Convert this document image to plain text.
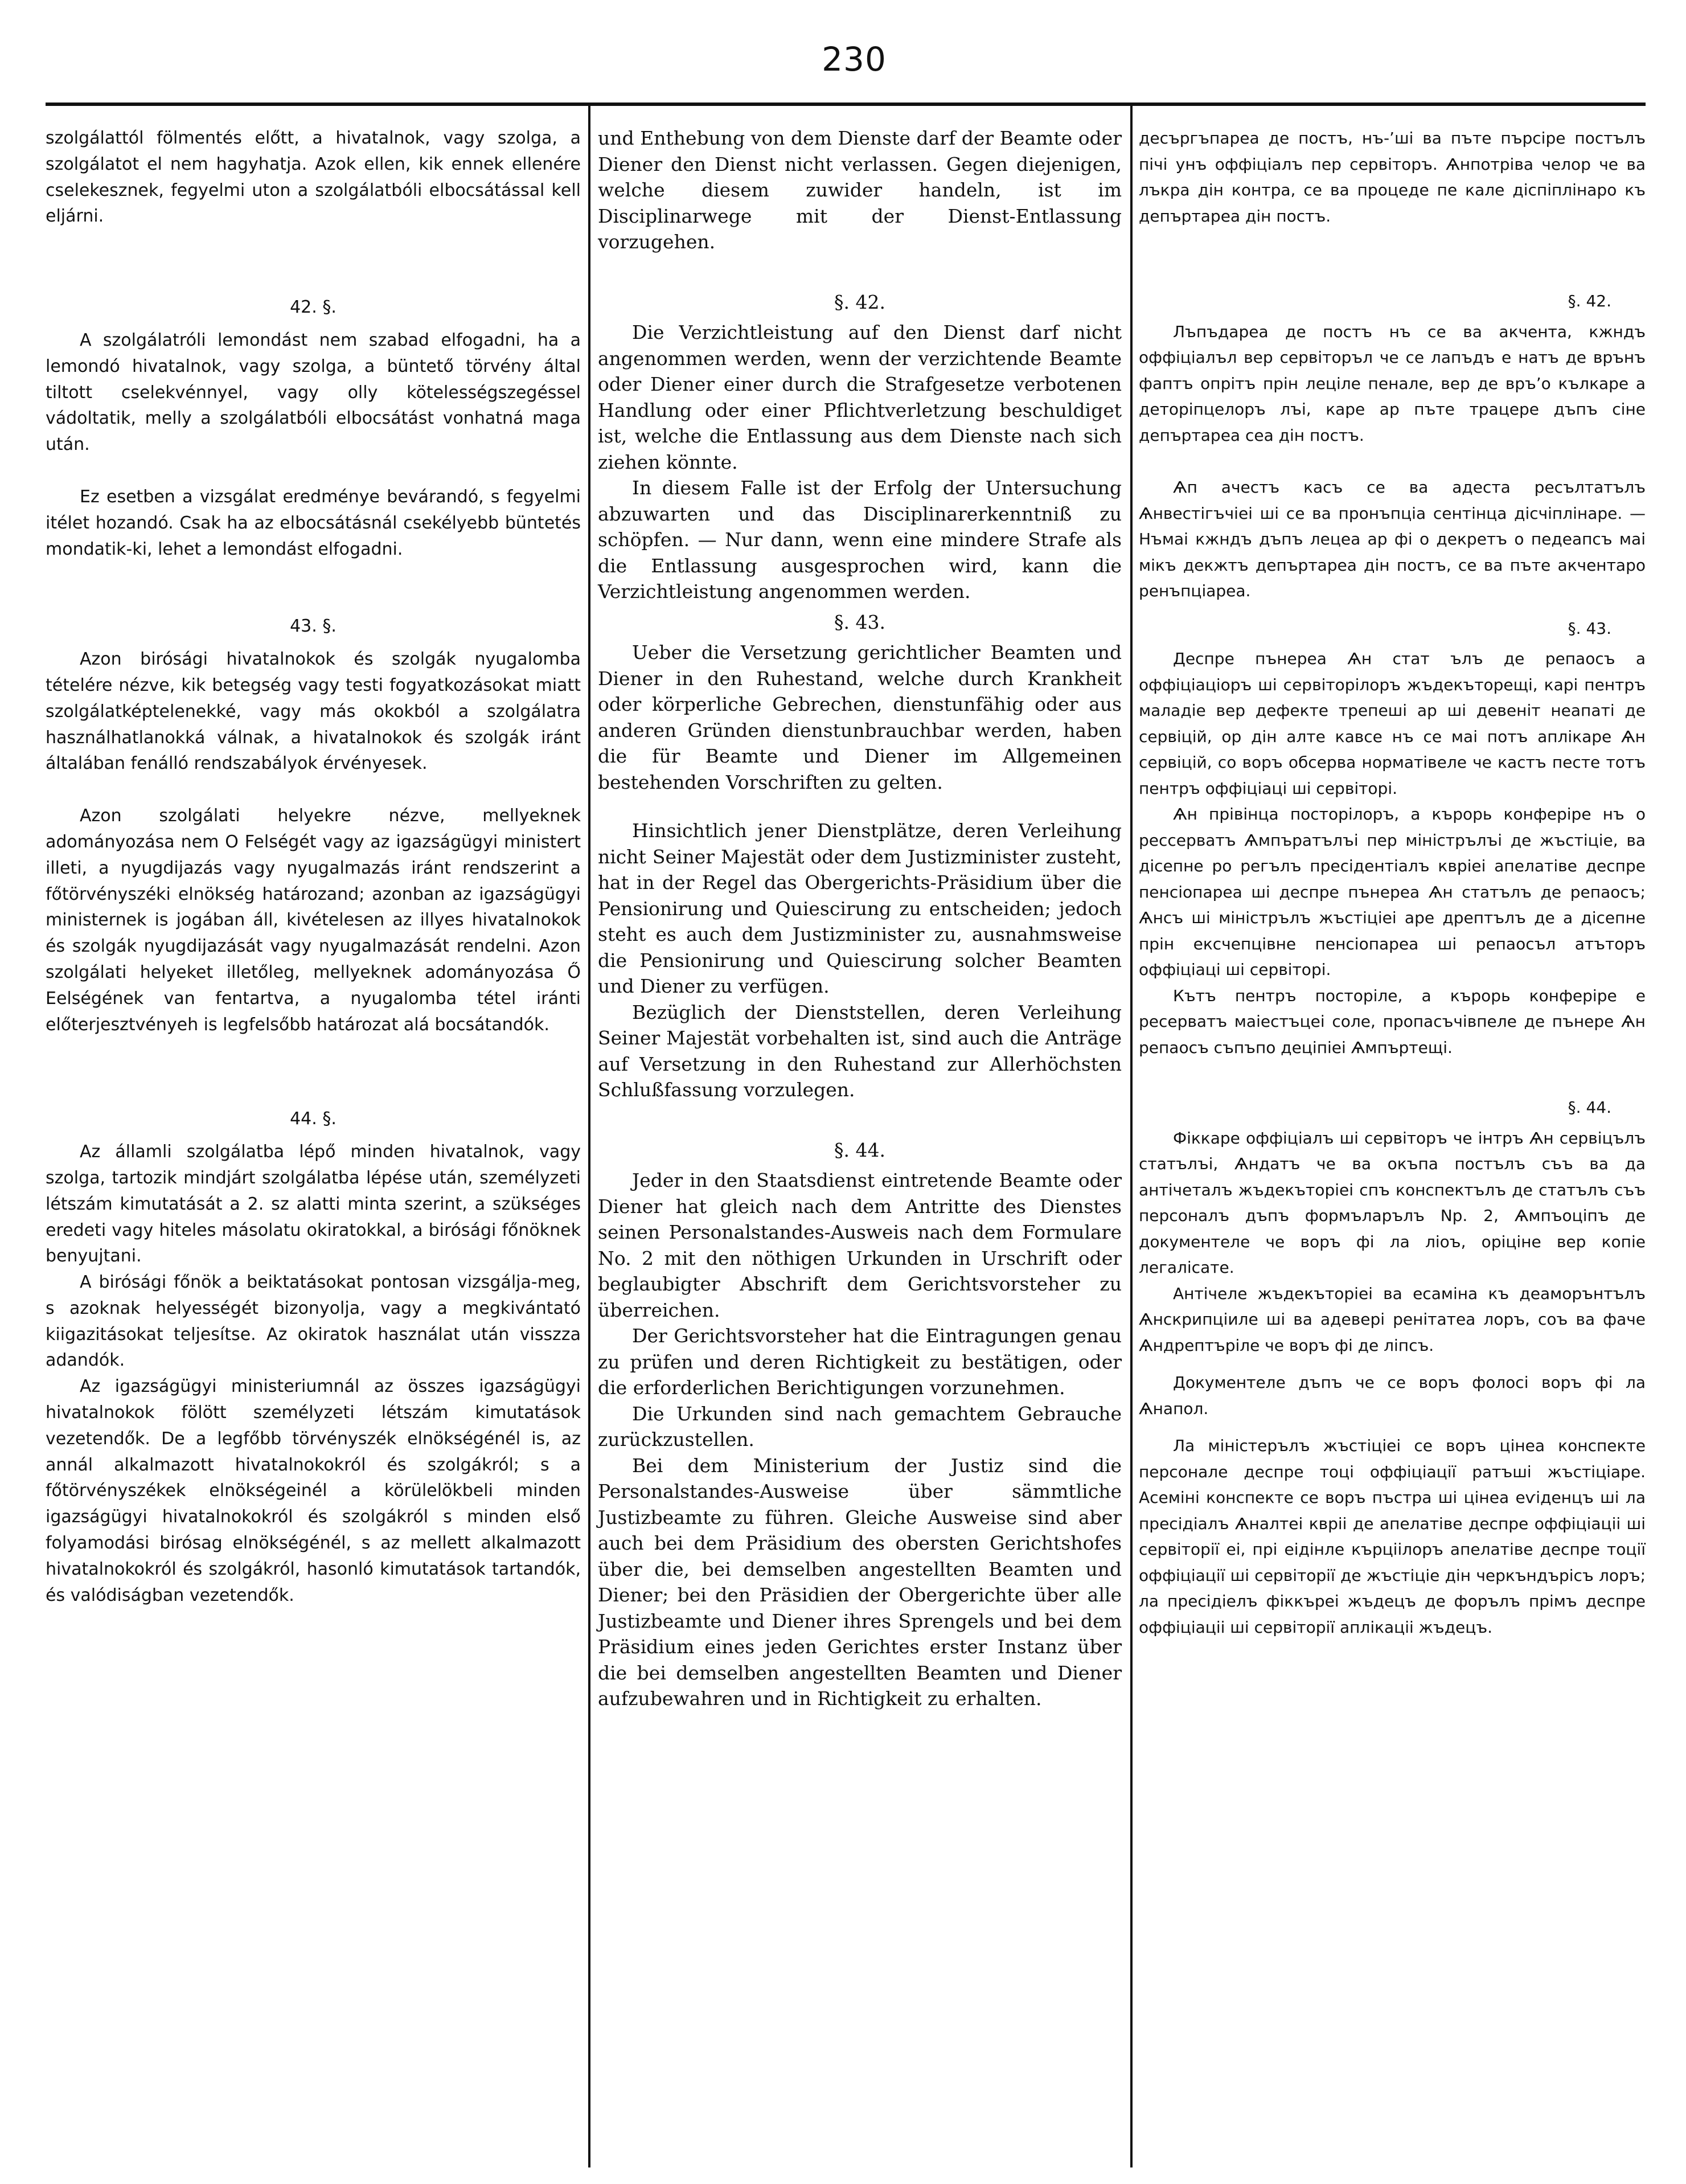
230

szolgálattól fölmentés előtt, a hivatalnok, vagy szolga, a szolgálatot el nem hagyhatja. Azok ellen, kik ennek ellenére cselekesznek, fegyelmi uton a szolgálatbóli elbocsátással kell eljárni.

42. §.

A szolgálatróli lemondást nem szabad elfogadni, ha a lemondó hivatalnok, vagy szolga, a büntető törvény által tiltott cselekvénnyel, vagy olly kötelességszegéssel vádoltatik, melly a szolgálatbóli elbocsátást vonhatná maga után.

Ez esetben a vizsgálat eredménye bevárandó, s fegyelmi itélet hozandó. Csak ha az elbocsátásnál csekélyebb büntetés mondatik-ki, lehet a lemondást elfogadni.

43. §.

Azon birósági hivatalnokok és szolgák nyugalomba tételére nézve, kik betegség vagy testi fogyatkozásokat miatt szolgálatképtelenekké, vagy más okokból a szolgálatra használhatlanokká válnak, a hivatalnokok és szolgák iránt általában fenálló rendszabályok érvényesek.

Azon szolgálati helyekre nézve, mellyeknek adományozása nem O Felségét vagy az igazságügyi ministert illeti, a nyugdijazás vagy nyugalmazás iránt rendszerint a főtörvényszéki elnökség határozand; azonban az igazságügyi ministernek is jogában áll, kivételesen az illyes hivatalnokok és szolgák nyugdijazását vagy nyugalmazását rendelni. Azon szolgálati helyeket illetőleg, mellyeknek adományozása Ő Eelségének van fentartva, a nyugalomba tétel iránti előterjesztvényeh is legfelsőbb határozat alá bocsátandók.

44. §.

Az államli szolgálatba lépő minden hivatalnok, vagy szolga, tartozik mindjárt szolgálatba lépése után, személyzeti létszám kimutatását a 2. sz alatti minta szerint, a szükséges eredeti vagy hiteles másolatu okiratokkal, a birósági főnöknek benyujtani.

A birósági főnök a beiktatásokat pontosan vizsgálja-meg, s azoknak helyességét bizonyolja, vagy a megkivántató kiigazitásokat teljesítse. Az okiratok használat után visszza adandók.

Az igazságügyi ministeriumnál az összes igazságügyi hivatalnokok fölött személyzeti létszám kimutatások vezetendők. De a legfőbb törvényszék elnökségénél is, az annál alkalmazott hivatalnokokról és szolgákról; s a főtörvényszékek elnökségeinél a körülelökbeli minden igazságügyi hivatalnokokról és szolgákról s minden első folyamodási birósag elnökségénél, s az mellett alkalmazott hivatalnokokról és szolgákról, hasonló kimutatások tartandók, és valódiságban vezetendők.

und Enthebung von dem Dienste darf der Beamte oder Diener den Dienst nicht verlassen. Gegen diejenigen, welche diesem zuwider handeln, ist im Disciplinarwege mit der Dienst-Entlassung vorzugehen.

§. 42.

Die Verzichtleistung auf den Dienst darf nicht angenommen werden, wenn der verzichtende Beamte oder Diener einer durch die Strafgesetze verbotenen Handlung oder einer Pflichtverletzung beschuldiget ist, welche die Entlassung aus dem Dienste nach sich ziehen könnte.

In diesem Falle ist der Erfolg der Untersuchung abzuwarten und das Disciplinarerkenntniß zu schöpfen. — Nur dann, wenn eine mindere Strafe als die Entlassung ausgesprochen wird, kann die Verzichtleistung angenommen werden.

§. 43.

Ueber die Versetzung gerichtlicher Beamten und Diener in den Ruhestand, welche durch Krankheit oder körperliche Gebrechen, dienstunfähig oder aus anderen Gründen dienstunbrauchbar werden, haben die für Beamte und Diener im Allgemeinen bestehenden Vorschriften zu gelten.

Hinsichtlich jener Dienstplätze, deren Verleihung nicht Seiner Majestät oder dem Justizminister zusteht, hat in der Regel das Obergerichts-Präsidium über die Pensionirung und Quiescirung zu entscheiden; jedoch steht es auch dem Justizminister zu, ausnahmsweise die Pensionirung und Quiescirung solcher Beamten und Diener zu verfügen.

Bezüglich der Dienststellen, deren Verleihung Seiner Majestät vorbehalten ist, sind auch die Anträge auf Versetzung in den Ruhestand zur Allerhöchsten Schlußfassung vorzulegen.

§. 44.

Jeder in den Staatsdienst eintretende Beamte oder Diener hat gleich nach dem Antritte des Dienstes seinen Personalstandes-Ausweis nach dem Formulare No. 2 mit den nöthigen Urkunden in Urschrift oder beglaubigter Abschrift dem Gerichtsvorsteher zu überreichen.

Der Gerichtsvorsteher hat die Eintragungen genau zu prüfen und deren Richtigkeit zu bestätigen, oder die erforderlichen Berichtigungen vorzunehmen.

Die Urkunden sind nach gemachtem Gebrauche zurückzustellen.

Bei dem Ministerium der Justiz sind die Personalstandes-Ausweise über sämmtliche Justizbeamte zu führen. Gleiche Ausweise sind aber auch bei dem Präsidium des obersten Gerichtshofes über die, bei demselben angestellten Beamten und Diener; bei den Präsidien der Obergerichte über alle Justizbeamte und Diener ihres Sprengels und bei dem Präsidium eines jeden Gerichtes erster Instanz über die bei demselben angestellten Beamten und Diener aufzubewahren und in Richtigkeit zu erhalten.

десъргъпареа де постъ, нъ-’ші ва пъте пърсіре постълъ пічі унъ оффіціалъ пер сервіторъ. Ѧнпотріва челор че ва лъкра дін контра, се ва процеде пе кале діспіплінаро къ депъртареа дін постъ.

§. 42.

Лъпъдареа де постъ нъ се ва акчента, кжндъ оффіціалъл вер сервіторъл че се лапъдъ е натъ де врънъ фаптъ опрітъ прін леціле пенале, вер де връ’о кълкаре а деторіпцелоръ лъі, каре ар пъте трацере дъпъ сіне депъртареа сеа дін постъ.

Ѧп ачестъ касъ се ва адеста ресълтатълъ Ѧнвестігъчіеі ші се ва пронъпціа сентінца дісчіплінаре. — Нъмаі кжндъ дъпъ лецеа ар фі о декретъ о педеапсъ маі мікъ декжтъ депъртареа дін постъ, се ва пъте акчентаро ренъпціареа.

§. 43.

Деспре пънереа Ѧн стат ълъ де репаосъ а оффіціаціоръ ші сервіторілоръ жъдекъторещі, карі пентръ маладіе вер дефекте трепеші ар ші девеніт неапаті де сервіцій, ор дін алте кавсе нъ се маі потъ аплікаре Ѧн сервіцій, со воръ обсерва норматівеле че кастъ песте тотъ пентръ оффіціаці ші сервіторі.

Ѧн прівінца посторілоръ, а кърорь конферіре нъ о рессерватъ Ѧмпъратълъі пер міністрълъі де жъстіціе, ва дісепне ро регълъ пресідентіалъ квріеі апелатіве деспре пенсіопареа ші деспре пънереа Ѧн статълъ де репаосъ; Ѧнсъ ші міністрълъ жъстіціеі аре дрептълъ де а дісепне прін ексчепцівне пенсіопареа ші репаосъл атъторъ оффіціаці ші сервіторі.

Кътъ пентръ посторіле, а кърорь конферіре е ресерватъ маіестъцеі соле, пропасъчівпеле де пънере Ѧн репаосъ съпъпо деціпіеі Ѧмпъртещі.

§. 44.

Фіккаре оффіціалъ ші сервіторъ че інтръ Ѧн сервіцълъ статълъі, Ѧндатъ че ва окъпа постълъ съъ ва да антічеталъ жъдекъторіеі спъ конспектълъ де статълъ съъ персоналъ дъпъ формъларълъ Nр. 2, Ѧмпъоціпъ де документеле че воръ фі ла ліоъ, оріціне вер копіе легалісате.

Антічеле жъдекъторіеі ва есаміна къ деаморънтълъ Ѧнскрипціиле ші ва адевері ренітатеа лоръ, соъ ва фаче Ѧндрептъріле че воръ фі де ліпсъ.

Документеле дъпъ че се воръ фолосі воръ фі ла Ѧнапол.

Ла міністерълъ жъстіціеі се воръ цінеа конспекте персонале деспре тоці оффіціації ратъші жъстіціаре. Асеміні конспекте се воръ пъстра ші цінеа еѵіденцъ ші ла пресідіалъ Ѧналтеі квріі де апелатіве деспре оффіціаціі ші сервіторії еі, прі еідінле кърціілоръ апелатіве деспре тоції оффіціації ші сервіторії де жъстіціе дін черкъндърісъ лоръ; ла пресідіелъ фіккъреі жъдецъ де форълъ прімъ деспре оффіціаціі ші сервіторії аплікаціі жъдецъ.
